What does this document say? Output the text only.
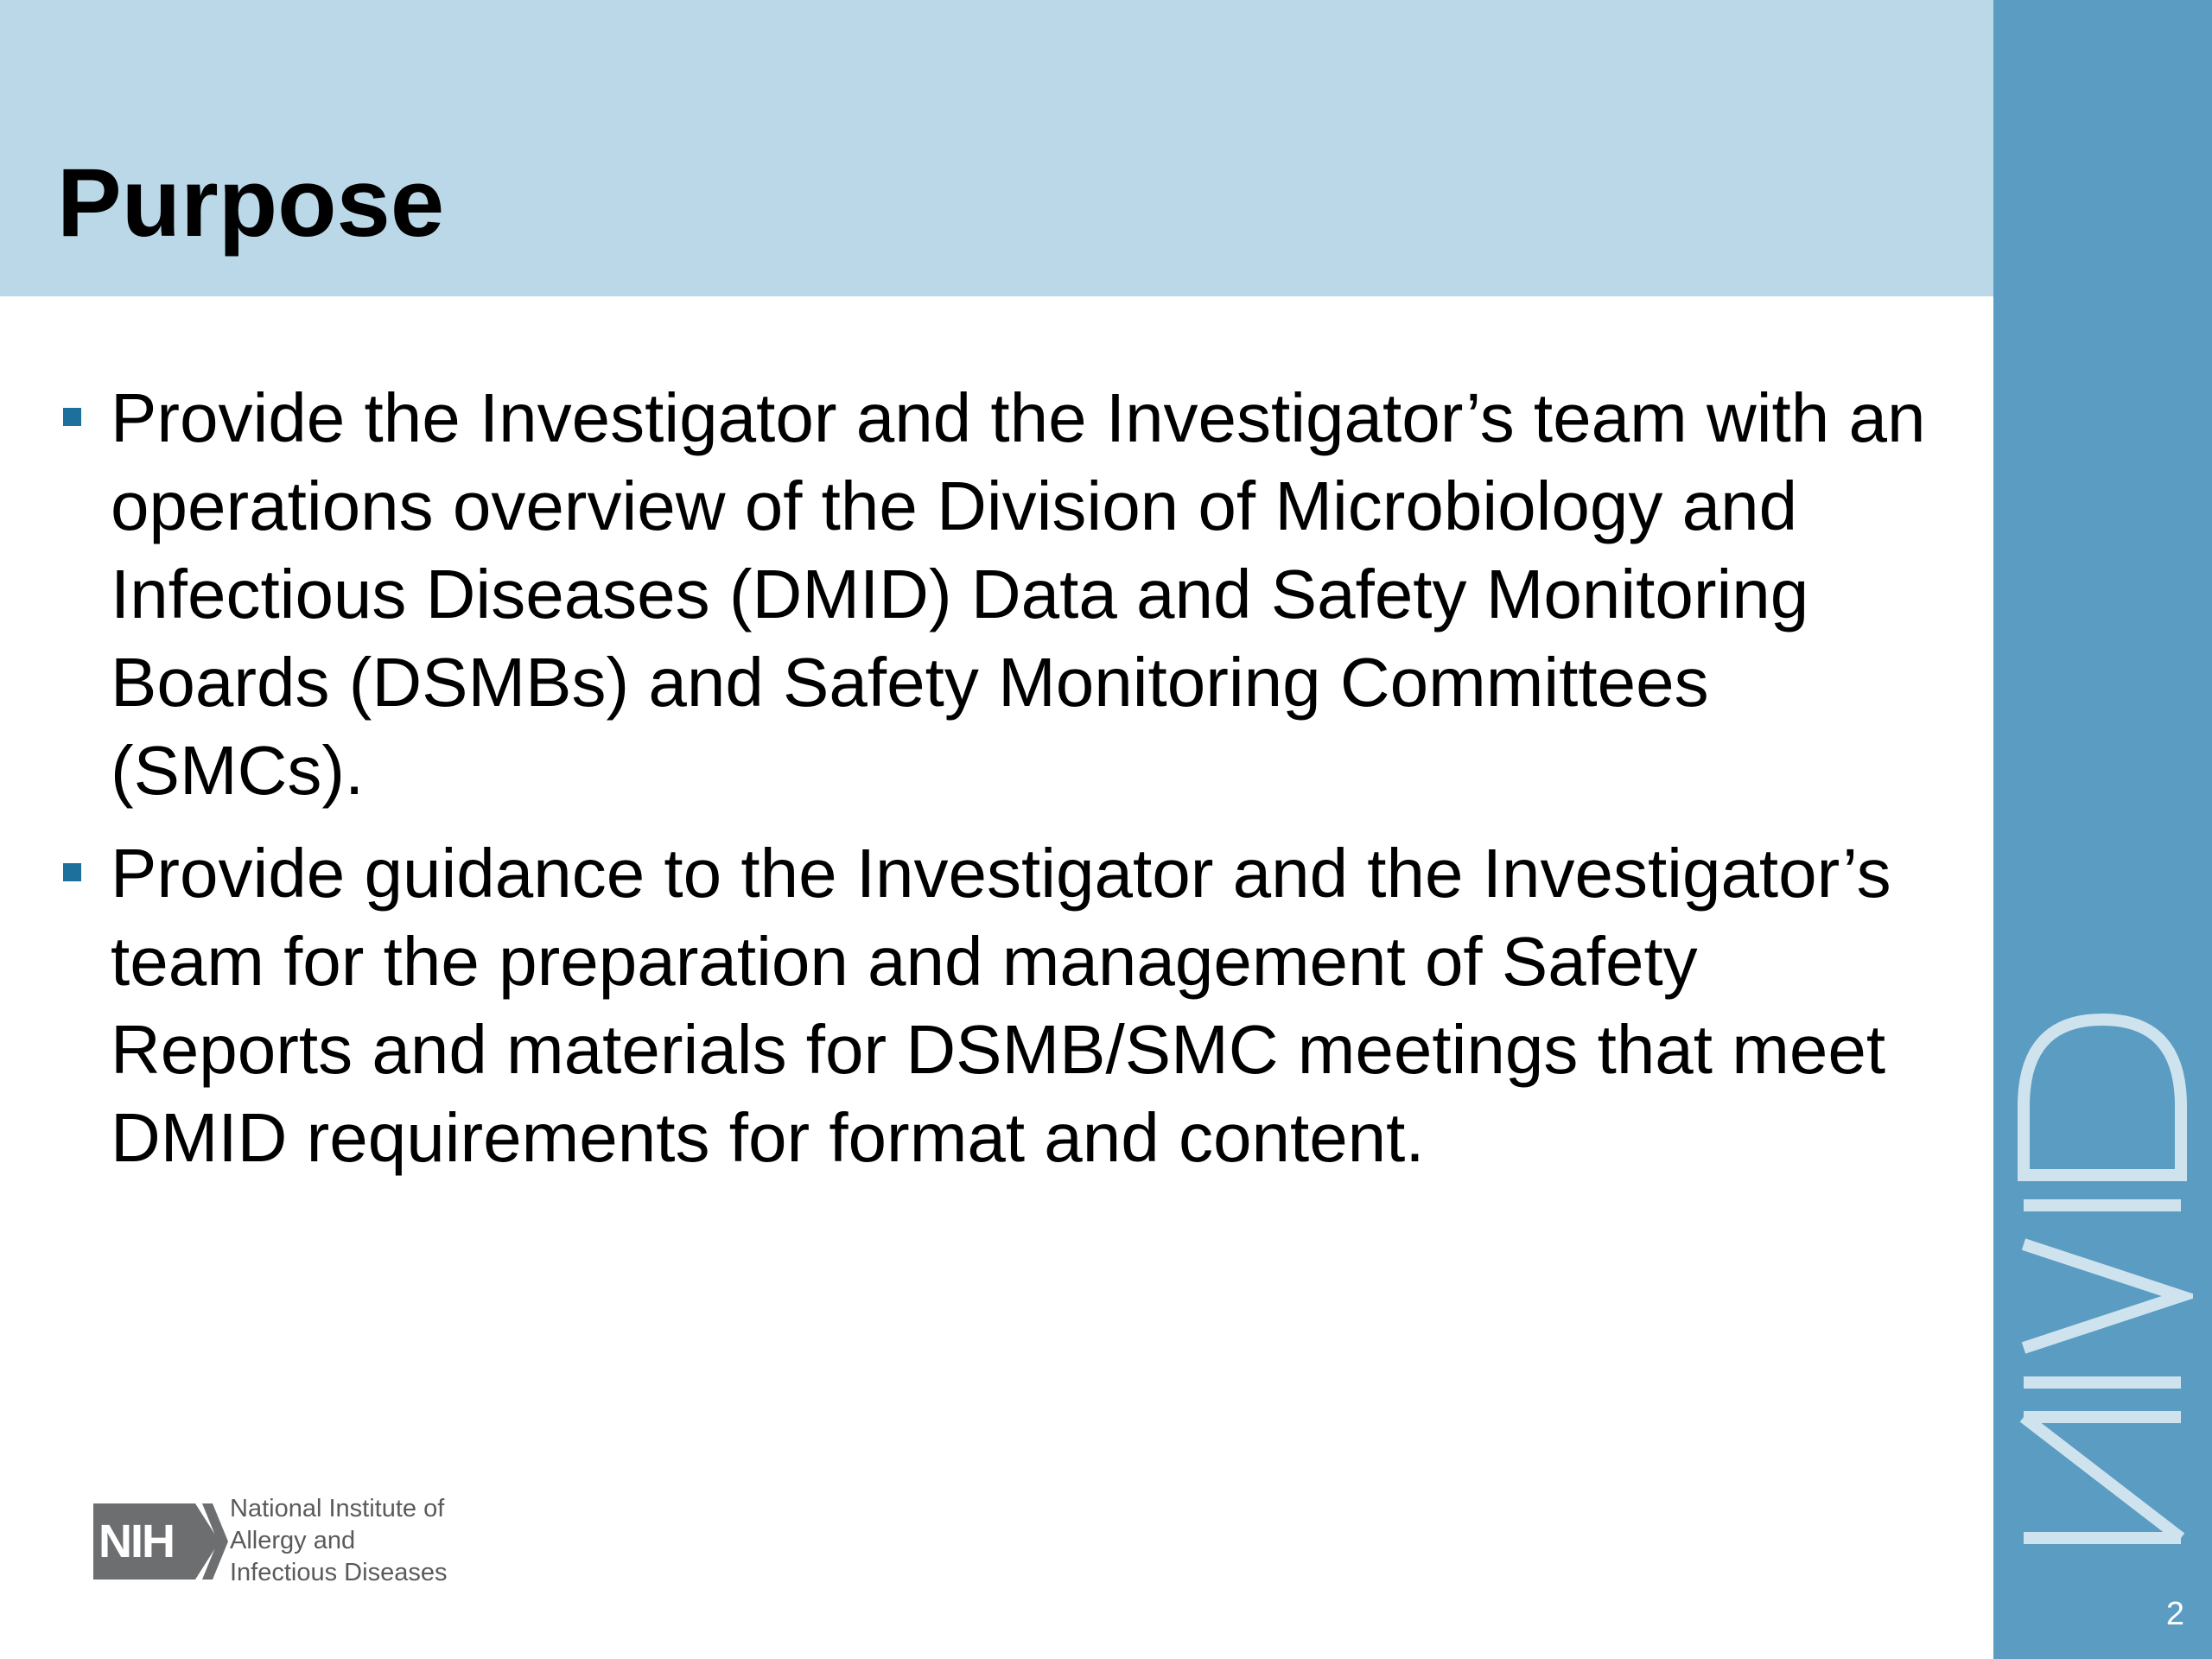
Purpose
2
Provide the Investigator and the Investigator’s team with an operations overview of the Division of Microbiology and Infectious Diseases (DMID) Data and Safety Monitoring Boards (DSMBs) and Safety Monitoring Committees (SMCs).
Provide guidance to the Investigator and the Investigator’s team for the preparation and management of Safety Reports and materials for DSMB/SMC meetings that meet DMID requirements for format and content.
NIH
National Institute of
Allergy and
Infectious Diseases
